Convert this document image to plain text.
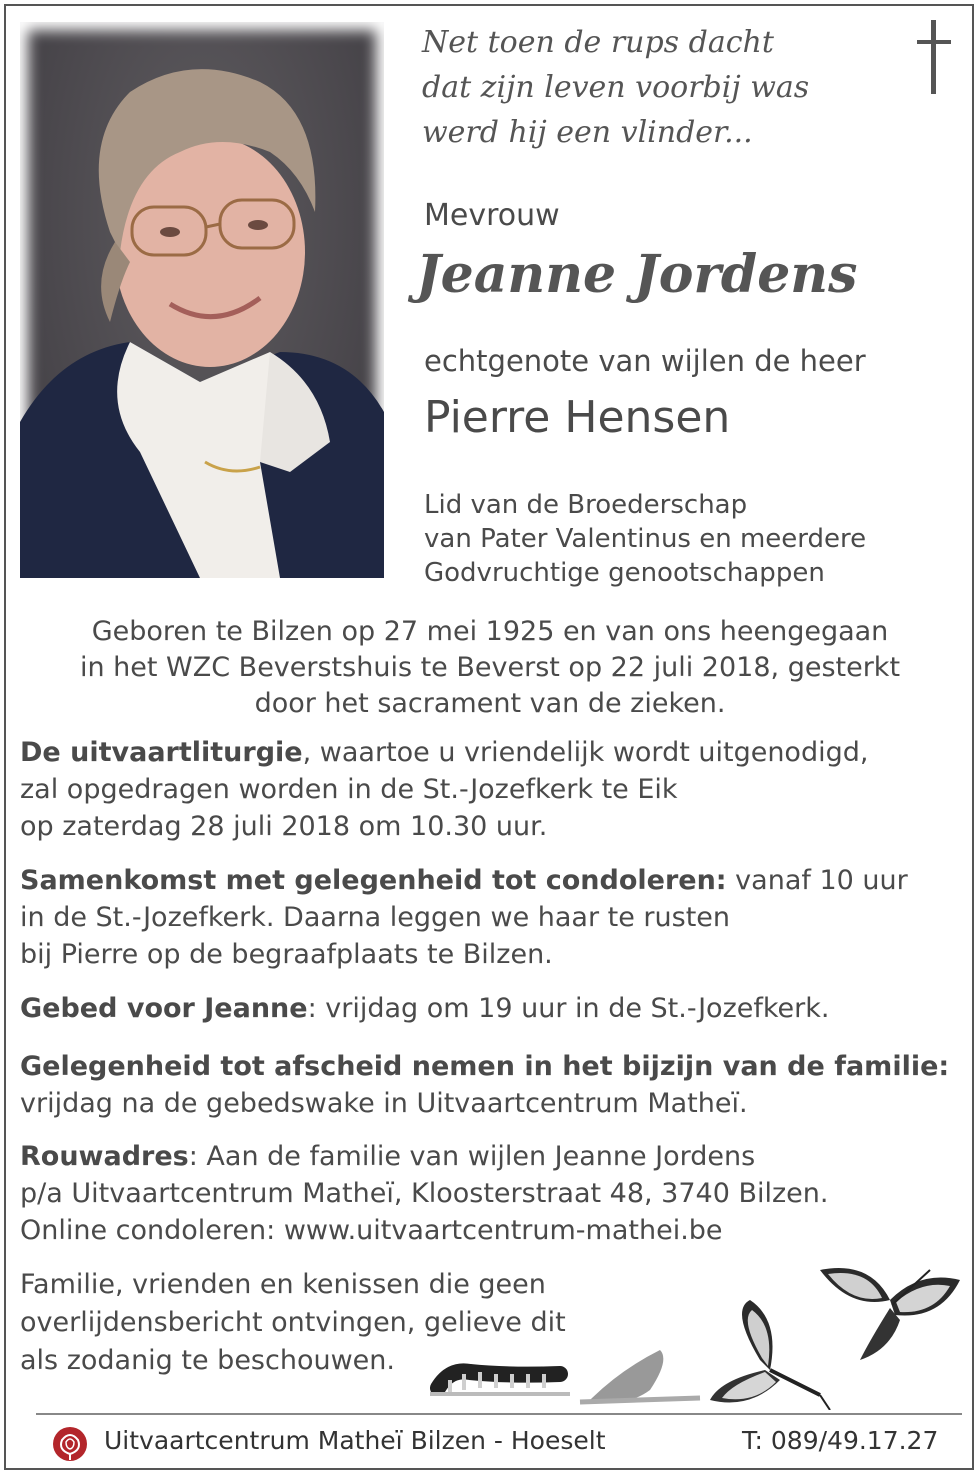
Net toen de rups dacht
dat zijn leven voorbij was
werd hij een vlinder...
Mevrouw
Jeanne Jordens
echtgenote van wijlen de heer
Pierre Hensen
Lid van de Broederschap
van Pater Valentinus en meerdere
Godvruchtige genootschappen
Geboren te Bilzen op 27 mei 1925 en van ons heengegaan
in het WZC Beverstshuis te Beverst op 22 juli 2018, gesterkt
door het sacrament van de zieken.
De uitvaartliturgie, waartoe u vriendelijk wordt uitgenodigd,
zal opgedragen worden in de St.-Jozefkerk te Eik
op zaterdag 28 juli 2018 om 10.30 uur.
Samenkomst met gelegenheid tot condoleren: vanaf 10 uur
in de St.-Jozefkerk. Daarna leggen we haar te rusten
bij Pierre op de begraafplaats te Bilzen.
Gebed voor Jeanne: vrijdag om 19 uur in de St.-Jozefkerk.
Gelegenheid tot afscheid nemen in het bijzijn van de familie:
vrijdag na de gebedswake in Uitvaartcentrum Matheï.
Rouwadres: Aan de familie van wijlen Jeanne Jordens
p/a Uitvaartcentrum Matheï, Kloosterstraat 48, 3740 Bilzen.
Online condoleren: www.uitvaartcentrum-mathei.be
Familie, vrienden en kenissen die geen
overlijdensbericht ontvingen, gelieve dit
als zodanig te beschouwen.
Uitvaartcentrum Matheï Bilzen - Hoeselt	T: 089/49.17.27
